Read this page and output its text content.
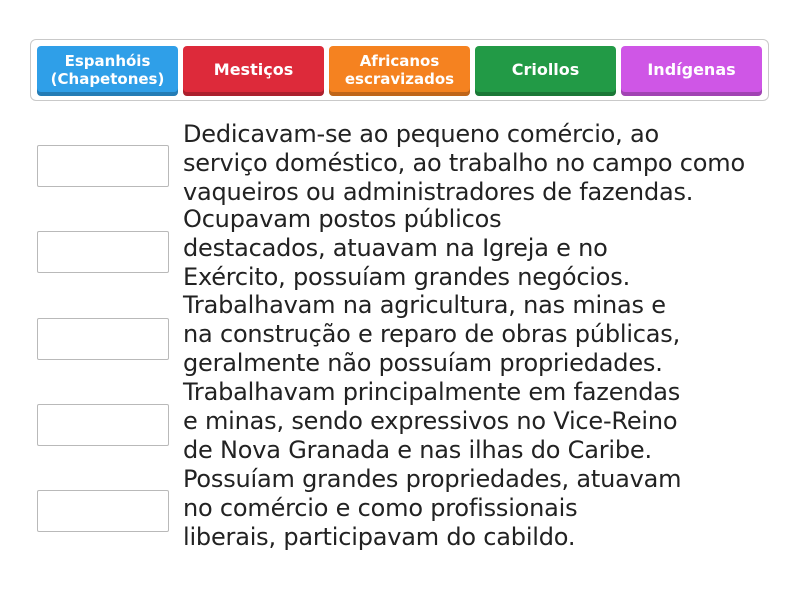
Espanhóis
(Chapetones)	Mestiços	Africanos
escravizados	Criollos	Indígenas
Dedicavam-se ao pequeno comércio, ao
serviço doméstico, ao trabalho no campo como
vaqueiros ou administradores de fazendas.
Ocupavam postos públicos
destacados, atuavam na Igreja e no
Exército, possuíam grandes negócios.
Trabalhavam na agricultura, nas minas e
na construção e reparo de obras públicas,
geralmente não possuíam propriedades.
Trabalhavam principalmente em fazendas
e minas, sendo expressivos no Vice-Reino
de Nova Granada e nas ilhas do Caribe.
Possuíam grandes propriedades, atuavam
no comércio e como profissionais
liberais, participavam do cabildo.
